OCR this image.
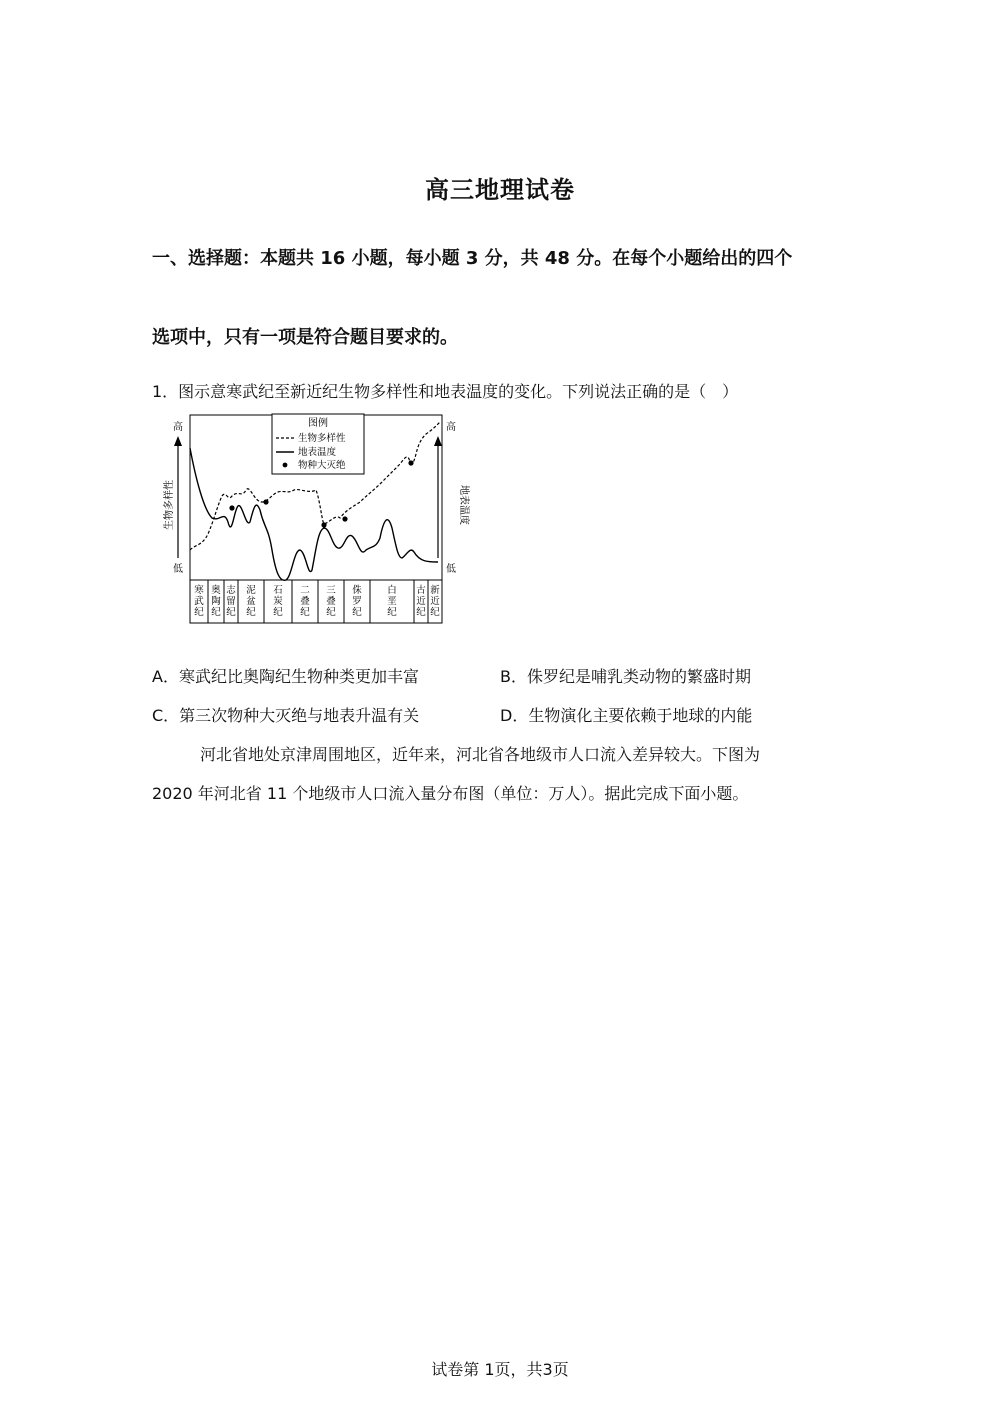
高三地理试卷
一、选择题：本题共 16 小题，每小题 3 分，共 48 分。在每个小题给出的四个
选项中，只有一项是符合题目要求的。
1．图示意寒武纪至新近纪生物多样性和地表温度的变化。下列说法正确的是（　）
高
低
生物多样性
高
低
地表温度
图例
生物多样性
地表温度
物种大灭绝
寒武纪
奥陶纪
志留纪
泥盆纪
石炭纪
二叠纪
三叠纪
侏罗纪
白垩纪
古近纪
新近纪
A．寒武纪比奥陶纪生物种类更加丰富	B．侏罗纪是哺乳类动物的繁盛时期
C．第三次物种大灭绝与地表升温有关	D．生物演化主要依赖于地球的内能
河北省地处京津周围地区，近年来，河北省各地级市人口流入差异较大。下图为
2020 年河北省 11 个地级市人口流入量分布图（单位：万人）。据此完成下面小题。
试卷第 1页，共3页
